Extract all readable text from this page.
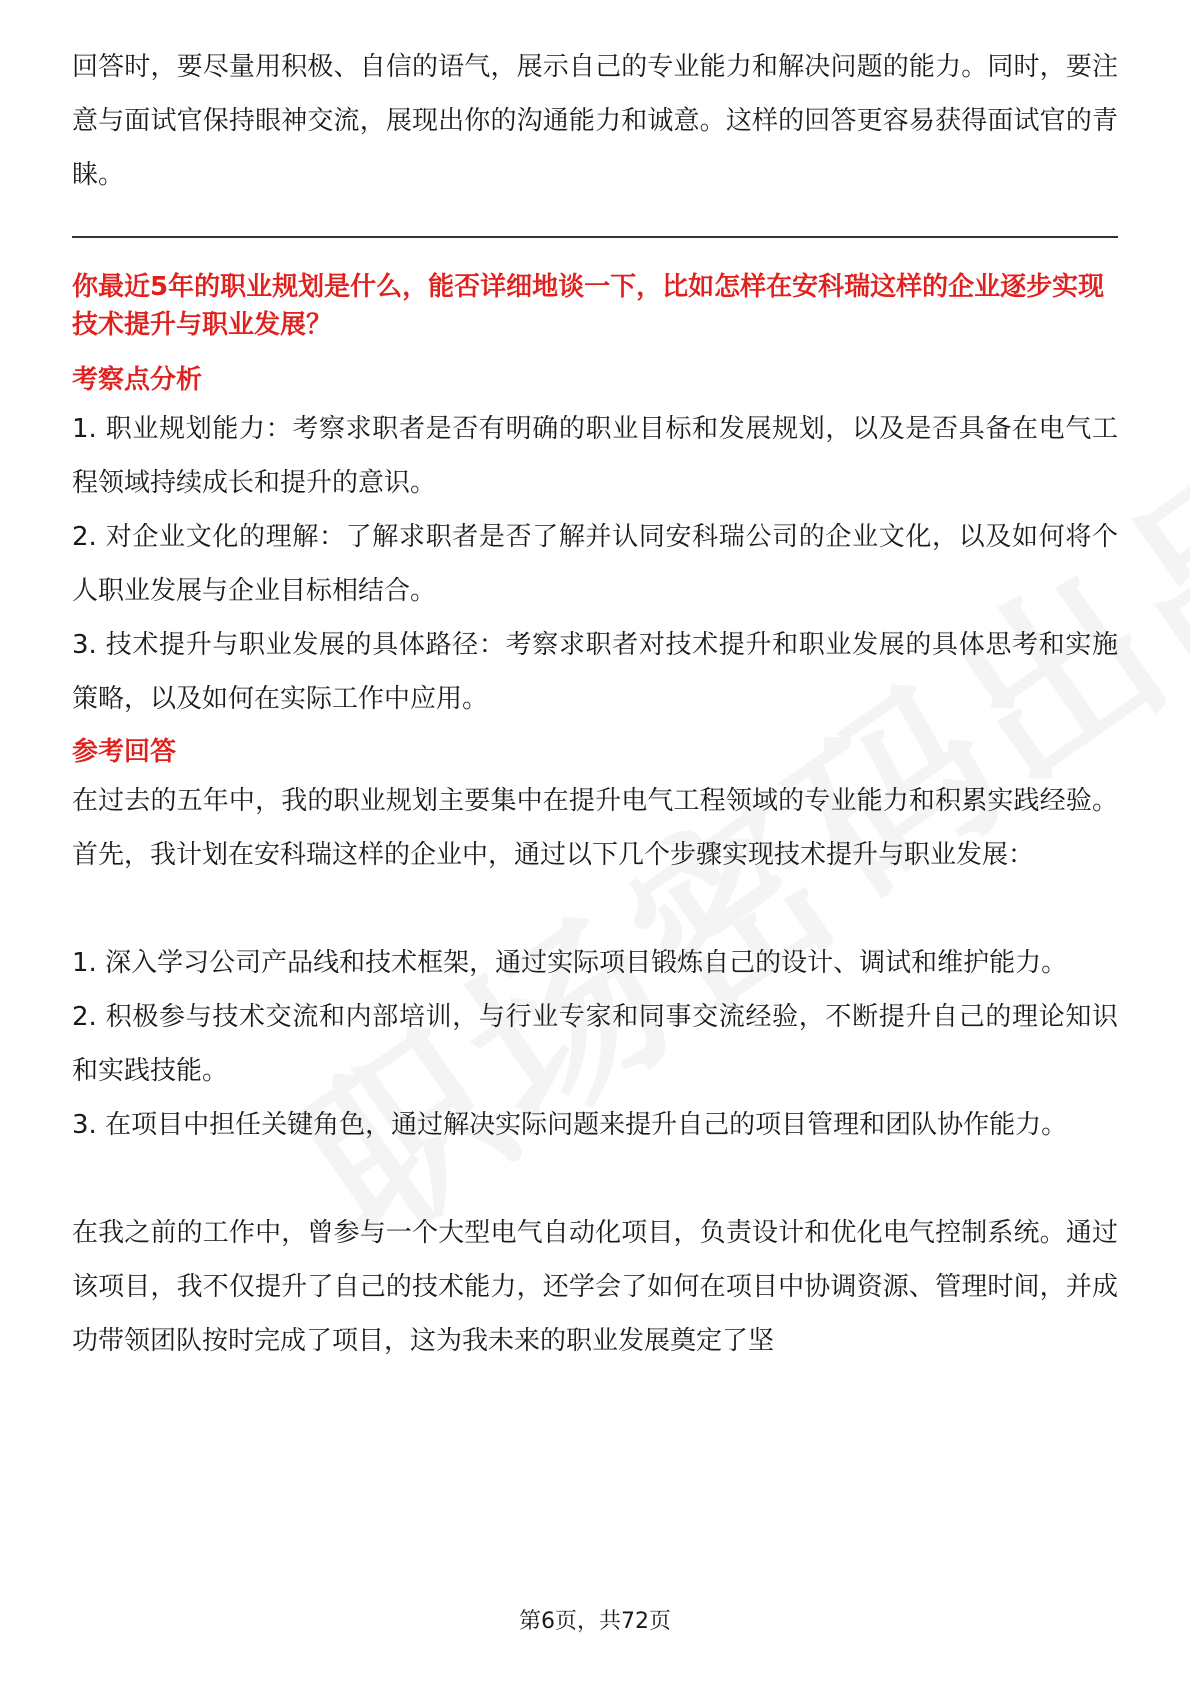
回答时，要尽量用积极、自信的语气，展示自己的专业能力和解决问题的能力。同时，要注意与面试官保持眼神交流，展现出你的沟通能力和诚意。这样的回答更容易获得面试官的青睐。

你最近5年的职业规划是什么，能否详细地谈一下，比如怎样在安科瑞这样的企业逐步实现技术提升与职业发展？

考察点分析

1. 职业规划能力：考察求职者是否有明确的职业目标和发展规划，以及是否具备在电气工程领域持续成长和提升的意识。

2. 对企业文化的理解：了解求职者是否了解并认同安科瑞公司的企业文化，以及如何将个人职业发展与企业目标相结合。

3. 技术提升与职业发展的具体路径：考察求职者对技术提升和职业发展的具体思考和实施策略，以及如何在实际工作中应用。

参考回答

在过去的五年中，我的职业规划主要集中在提升电气工程领域的专业能力和积累实践经验。首先，我计划在安科瑞这样的企业中，通过以下几个步骤实现技术提升与职业发展：

1. 深入学习公司产品线和技术框架，通过实际项目锻炼自己的设计、调试和维护能力。

2. 积极参与技术交流和内部培训，与行业专家和同事交流经验，不断提升自己的理论知识和实践技能。

3. 在项目中担任关键角色，通过解决实际问题来提升自己的项目管理和团队协作能力。

在我之前的工作中，曾参与一个大型电气自动化项目，负责设计和优化电气控制系统。通过该项目，我不仅提升了自己的技术能力，还学会了如何在项目中协调资源、管理时间，并成功带领团队按时完成了项目，这为我未来的职业发展奠定了坚

第6页，共72页
